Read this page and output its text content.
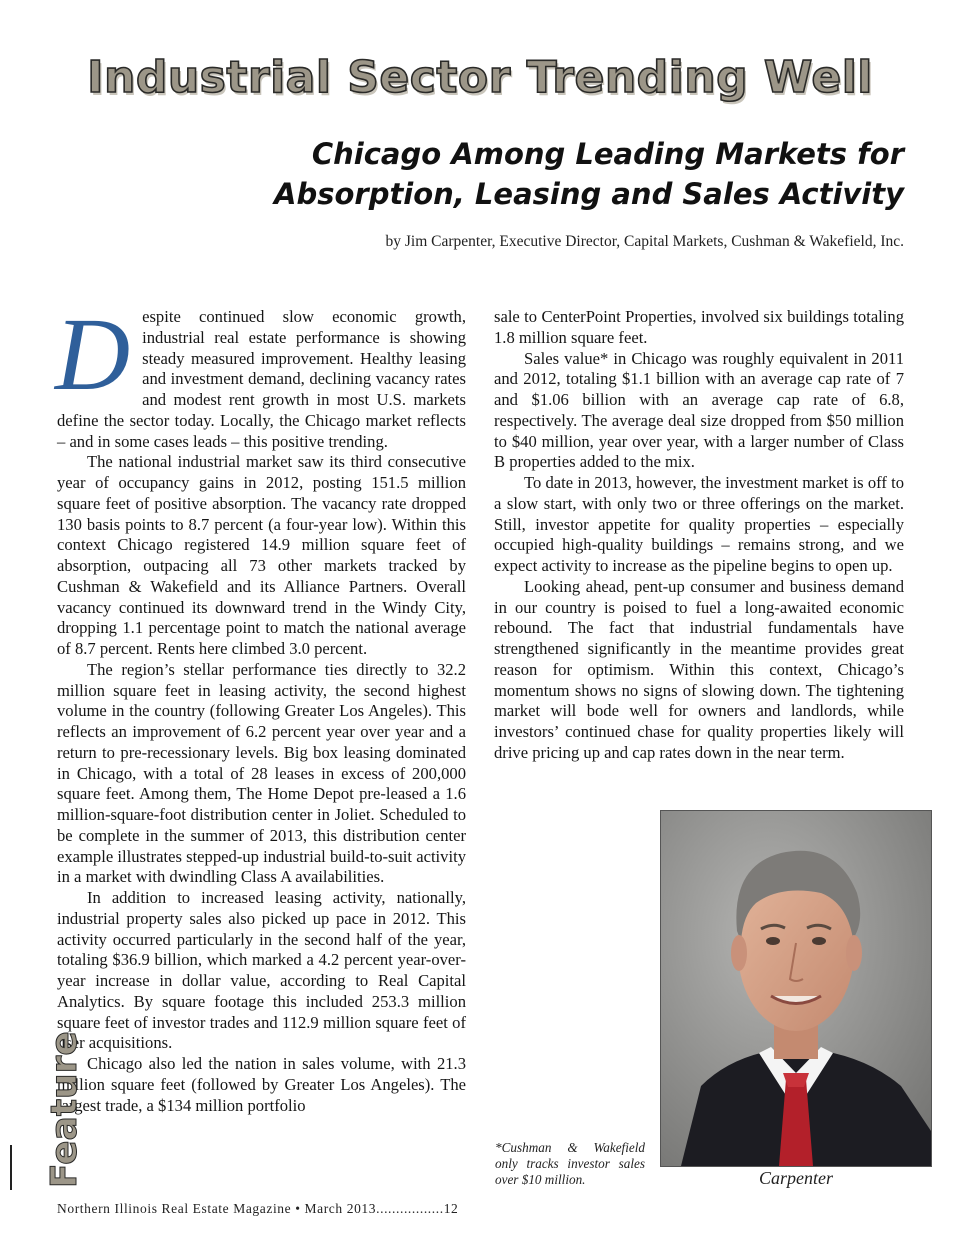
Industrial Sector Trending Well
Chicago Among Leading Markets for
Absorption, Leasing and Sales Activity

by Jim Carpenter, Executive Director, Capital Markets, Cushman & Wakefield, Inc.

Despite continued slow economic growth, industrial real estate performance is showing steady measured improvement. Healthy leasing and investment demand, declining vacancy rates and modest rent growth in most U.S. markets define the sector today. Locally, the Chicago market reflects – and in some cases leads – this positive trending.

The national industrial market saw its third consecutive year of occupancy gains in 2012, posting 151.5 million square feet of positive absorption. The vacancy rate dropped 130 basis points to 8.7 percent (a four-year low). Within this context Chicago registered 14.9 million square feet of absorption, outpacing all 73 other markets tracked by Cushman & Wakefield and its Alliance Partners. Overall vacancy continued its downward trend in the Windy City, dropping 1.1 percentage point to match the national average of 8.7 percent. Rents here climbed 3.0 percent.

The region’s stellar performance ties directly to 32.2 million square feet in leasing activity, the second highest volume in the country (following Greater Los Angeles). This reflects an improvement of 6.2 percent year over year and a return to pre-recessionary levels. Big box leasing dominated in Chicago, with a total of 28 leases in excess of 200,000 square feet. Among them, The Home Depot pre-leased a 1.6 million-square-foot distribution center in Joliet. Scheduled to be complete in the summer of 2013, this distribution center example illustrates stepped-up industrial build-to-suit activity in a market with dwindling Class A availabilities.

In addition to increased leasing activity, nationally, industrial property sales also picked up pace in 2012. This activity occurred particularly in the second half of the year, totaling $36.9 billion, which marked a 4.2 percent year-over-year increase in dollar value, according to Real Capital Analytics. By square footage this included 253.3 million square feet of investor trades and 112.9 million square feet of user acquisitions.

Chicago also led the nation in sales volume, with 21.3 million square feet (followed by Greater Los Angeles). The largest trade, a $134 million portfolio

sale to CenterPoint Properties, involved six buildings totaling 1.8 million square feet.

Sales value* in Chicago was roughly equivalent in 2011 and 2012, totaling $1.1 billion with an average cap rate of 7 and $1.06 billion with an average cap rate of 6.8, respectively. The average deal size dropped from $50 million to $40 million, year over year, with a larger number of Class B properties added to the mix.

To date in 2013, however, the investment market is off to a slow start, with only two or three offerings on the market. Still, investor appetite for quality properties – especially occupied high-quality buildings – remains strong, and we expect activity to increase as the pipeline begins to open up.

Looking ahead, pent-up consumer and business demand in our country is poised to fuel a long-awaited economic rebound. The fact that industrial fundamentals have strengthened significantly in the meantime provides great reason for optimism. Within this context, Chicago’s momentum shows no signs of slowing down. The tightening market will bode well for owners and landlords, while investors’ continued chase for quality properties likely will drive pricing up and cap rates down in the near term.

Carpenter
*Cushman & Wakefield only tracks investor sales over $10 million.
Feature
Northern Illinois Real Estate Magazine • March 2013.................12
